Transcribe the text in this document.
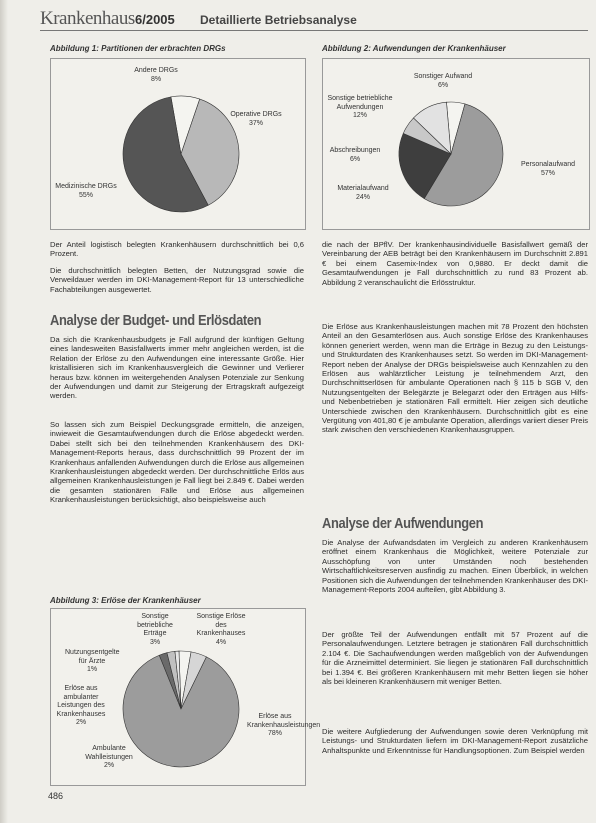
Krankenhaus 6/2005 Detaillierte Betriebsanalyse
Abbildung 1: Partitionen der erbrachten DRGs
Andere DRGs
8%
Operative DRGs
37%
Medizinische DRGs
55%
Abbildung 2: Aufwendungen der Krankenhäuser
Sonstiger Aufwand
6%
Personalaufwand
57%
Materialaufwand
24%
Abschreibungen
6%
Sonstige betriebliche Aufwendungen
12%

Der Anteil logistisch belegten Krankenhäusern durchschnittlich bei 0,6 Prozent.

Die durchschnittlich belegten Betten, der Nutzungsgrad sowie die Verweildauer werden im DKI-Management-Report für 13 unterschiedliche Fachabteilungen ausgewertet.

Analyse der Budget- und Erlösdaten

Da sich die Krankenhausbudgets je Fall aufgrund der künftigen Geltung eines landesweiten Basisfallwerts immer mehr angleichen werden, ist die Relation der Erlöse zu den Aufwendungen eine interessante Größe. Hier kristallisieren sich im Krankenhausvergleich die Gewinner und Verlierer heraus bzw. können im weitergehenden Analysen Potenziale zur Senkung der Aufwendungen und damit zur Steigerung der Ertragskraft aufgezeigt werden.

So lassen sich zum Beispiel Deckungsgrade ermitteln, die anzeigen, inwieweit die Gesamtaufwendungen durch die Erlöse abgedeckt werden. Dabei stellt sich bei den teilnehmenden Krankenhäusern des DKI-Management-Reports heraus, dass durchschnittlich 99 Prozent der im Krankenhaus anfallenden Aufwendungen durch die Erlöse aus allgemeinen Krankenhausleistungen abgedeckt werden. Der durchschnittliche Erlös aus allgemeinen Krankenhausleistungen je Fall liegt bei 2.849 €. Dabei werden die gesamten stationären Fälle und Erlöse aus allgemeinen Krankenhausleistungen berücksichtigt, also beispielsweise auch

Abbildung 3: Erlöse der Krankenhäuser
Sonstige betriebliche Erträge
3%
Sonstige Erlöse des Krankenhauses
4%
Erlöse aus Krankenhausleistungen
78%
Ambulante Wahlleistungen
2%
Erlöse aus ambulanter Leistungen des Krankenhauses
2%
Nutzungsentgelte für Ärzte
1%

die nach der BPflV. Der krankenhausindividuelle Basisfallwert gemäß der Vereinbarung der AEB beträgt bei den Krankenhäusern im Durchschnitt 2.891 € bei einem Casemix-Index von 0,9880. Er deckt damit die Gesamtaufwendungen je Fall durchschnittlich zu rund 83 Prozent ab. Abbildung 2 veranschaulicht die Erlösstruktur.

Die Erlöse aus Krankenhausleistungen machen mit 78 Prozent den höchsten Anteil an den Gesamterlösen aus. Auch sonstige Erlöse des Krankenhauses können generiert werden, wenn man die Erträge in Bezug zu den Leistungs- und Strukturdaten des Krankenhauses setzt. So werden im DKI-Management-Report neben der Analyse der DRGs beispielsweise auch Kennzahlen zu den Erlösen aus wahlärztlicher Leistung je teilnehmendem Arzt, den Durchschnittserlösen für ambulante Operationen nach § 115 b SGB V, den Nutzungsentgelten der Belegärzte je Belegarzt oder den Erträgen aus Hilfs- und Nebenbetrieben je stationären Fall ermittelt. Hier zeigen sich deutliche Unterschiede zwischen den Krankenhäusern. Durchschnittlich gibt es eine Vergütung von 401,80 € je ambulante Operation, allerdings variiert dieser Preis stark zwischen den verschiedenen Krankenhausgruppen.

Analyse der Aufwendungen

Die Analyse der Aufwandsdaten im Vergleich zu anderen Krankenhäusern eröffnet einem Krankenhaus die Möglichkeit, weitere Potenziale zur Ausschöpfung von unter Umständen noch bestehenden Wirtschaftlichkeitsreserven ausfindig zu machen. Einen Überblick, in welchen Positionen sich die Aufwendungen der teilnehmenden Krankenhäuser des DKI-Management-Reports 2004 aufteilen, gibt Abbildung 3.

Der größte Teil der Aufwendungen entfällt mit 57 Prozent auf die Personalaufwendungen. Letztere betragen je stationären Fall durchschnittlich 2.104 €. Die Sachaufwendungen werden maßgeblich von der Aufwendungen für die Arzneimittel determiniert. Sie liegen je stationären Fall durchschnittlich bei 1.394 €. Bei größeren Krankenhäusern mit mehr Betten liegen sie höher als bei kleineren Krankenhäusern mit weniger Betten.

Die weitere Aufgliederung der Aufwendungen sowie deren Verknüpfung mit Leistungs- und Strukturdaten liefern im DKI-Management-Report zusätzliche Anhaltspunkte und Erkenntnisse für Handlungsoptionen. Zum Beispiel werden

486
